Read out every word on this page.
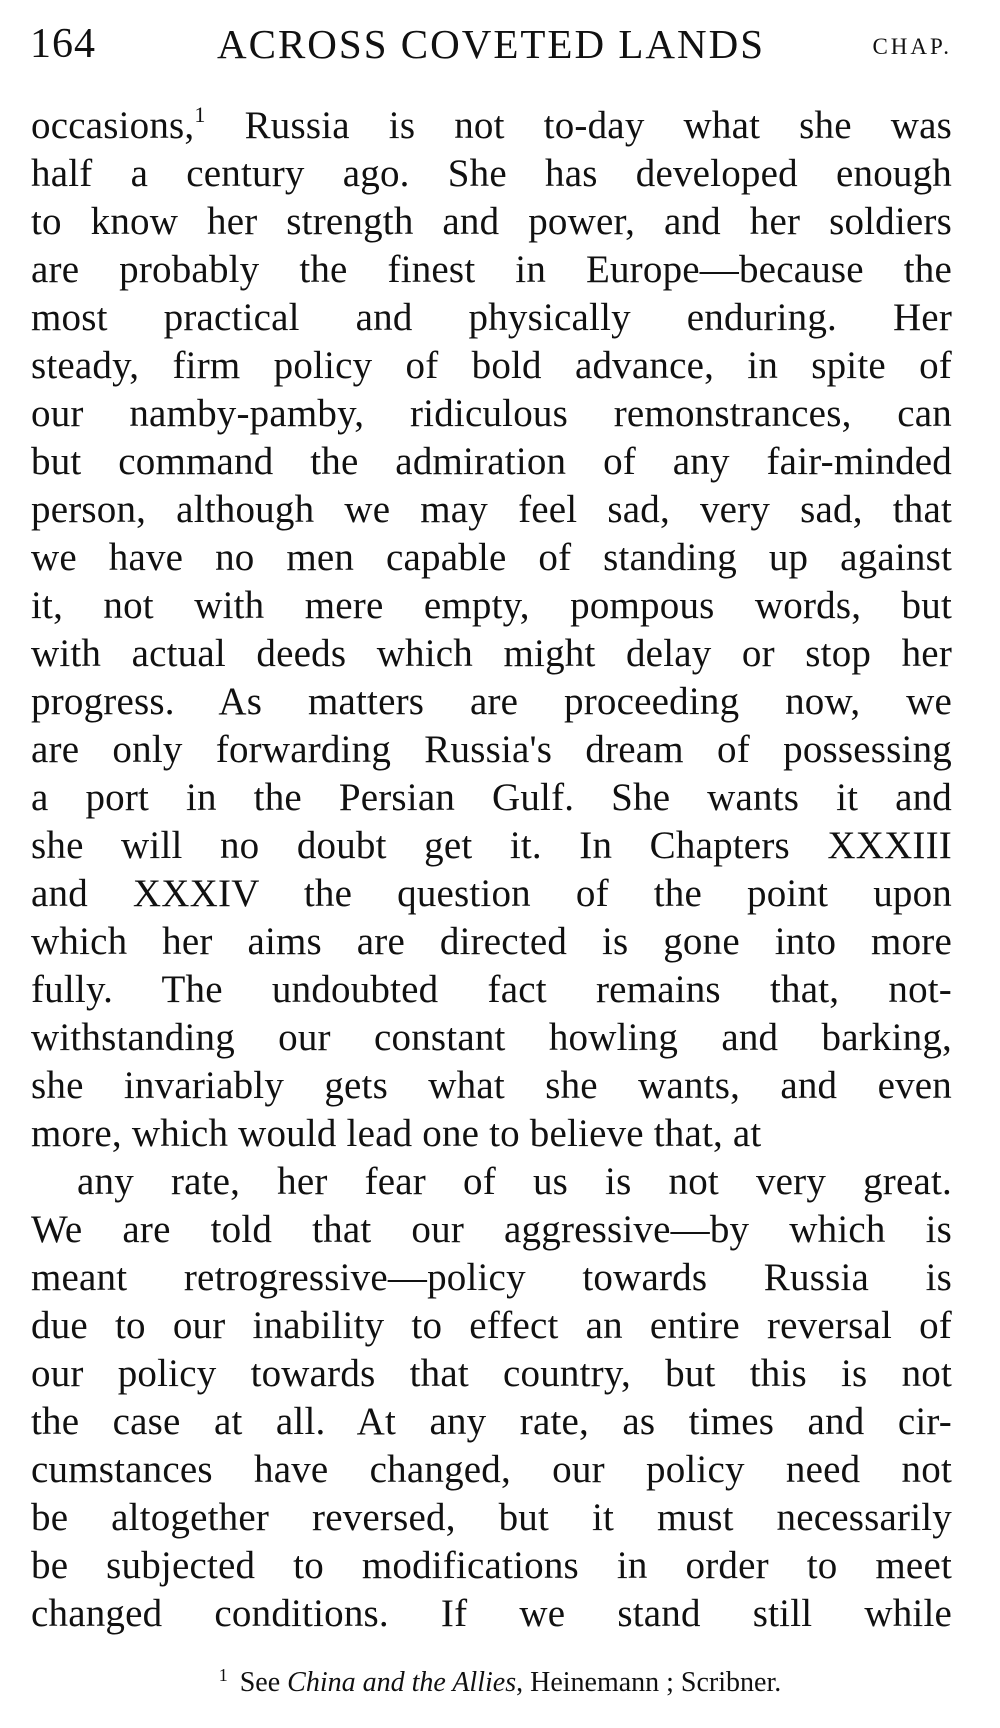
164	ACROSS COVETED LANDS	CHAP.
occasions,$^1$ Russia is not to-day what she was
half a century ago. She has developed enough
to know her strength and power, and her soldiers
are probably the finest in Europe—because the
most practical and physically enduring. Her
steady, firm policy of bold advance, in spite of
our namby-pamby, ridiculous remonstrances, can
but command the admiration of any fair-minded
person, although we may feel sad, very sad, that
we have no men capable of standing up against
it, not with mere empty, pompous words, but
with actual deeds which might delay or stop her
progress. As matters are proceeding now, we
are only forwarding Russia's dream of possessing
a port in the Persian Gulf. She wants it and
she will no doubt get it. In Chapters XXXIII
and XXXIV the question of the point upon
which her aims are directed is gone into more
fully. The undoubted fact remains that, not-
withstanding our constant howling and barking,
she invariably gets what she wants, and even
more, which would lead one to believe that, at
any rate, her fear of us is not very great.
We are told that our aggressive—by which is
meant retrogressive—policy towards Russia is
due to our inability to effect an entire reversal of
our policy towards that country, but this is not
the case at all. At any rate, as times and cir-
cumstances have changed, our policy need not
be altogether reversed, but it must necessarily
be subjected to modifications in order to meet
changed conditions. If we stand still while
$^1$ See China and the Allies, Heinemann ; Scribner.
